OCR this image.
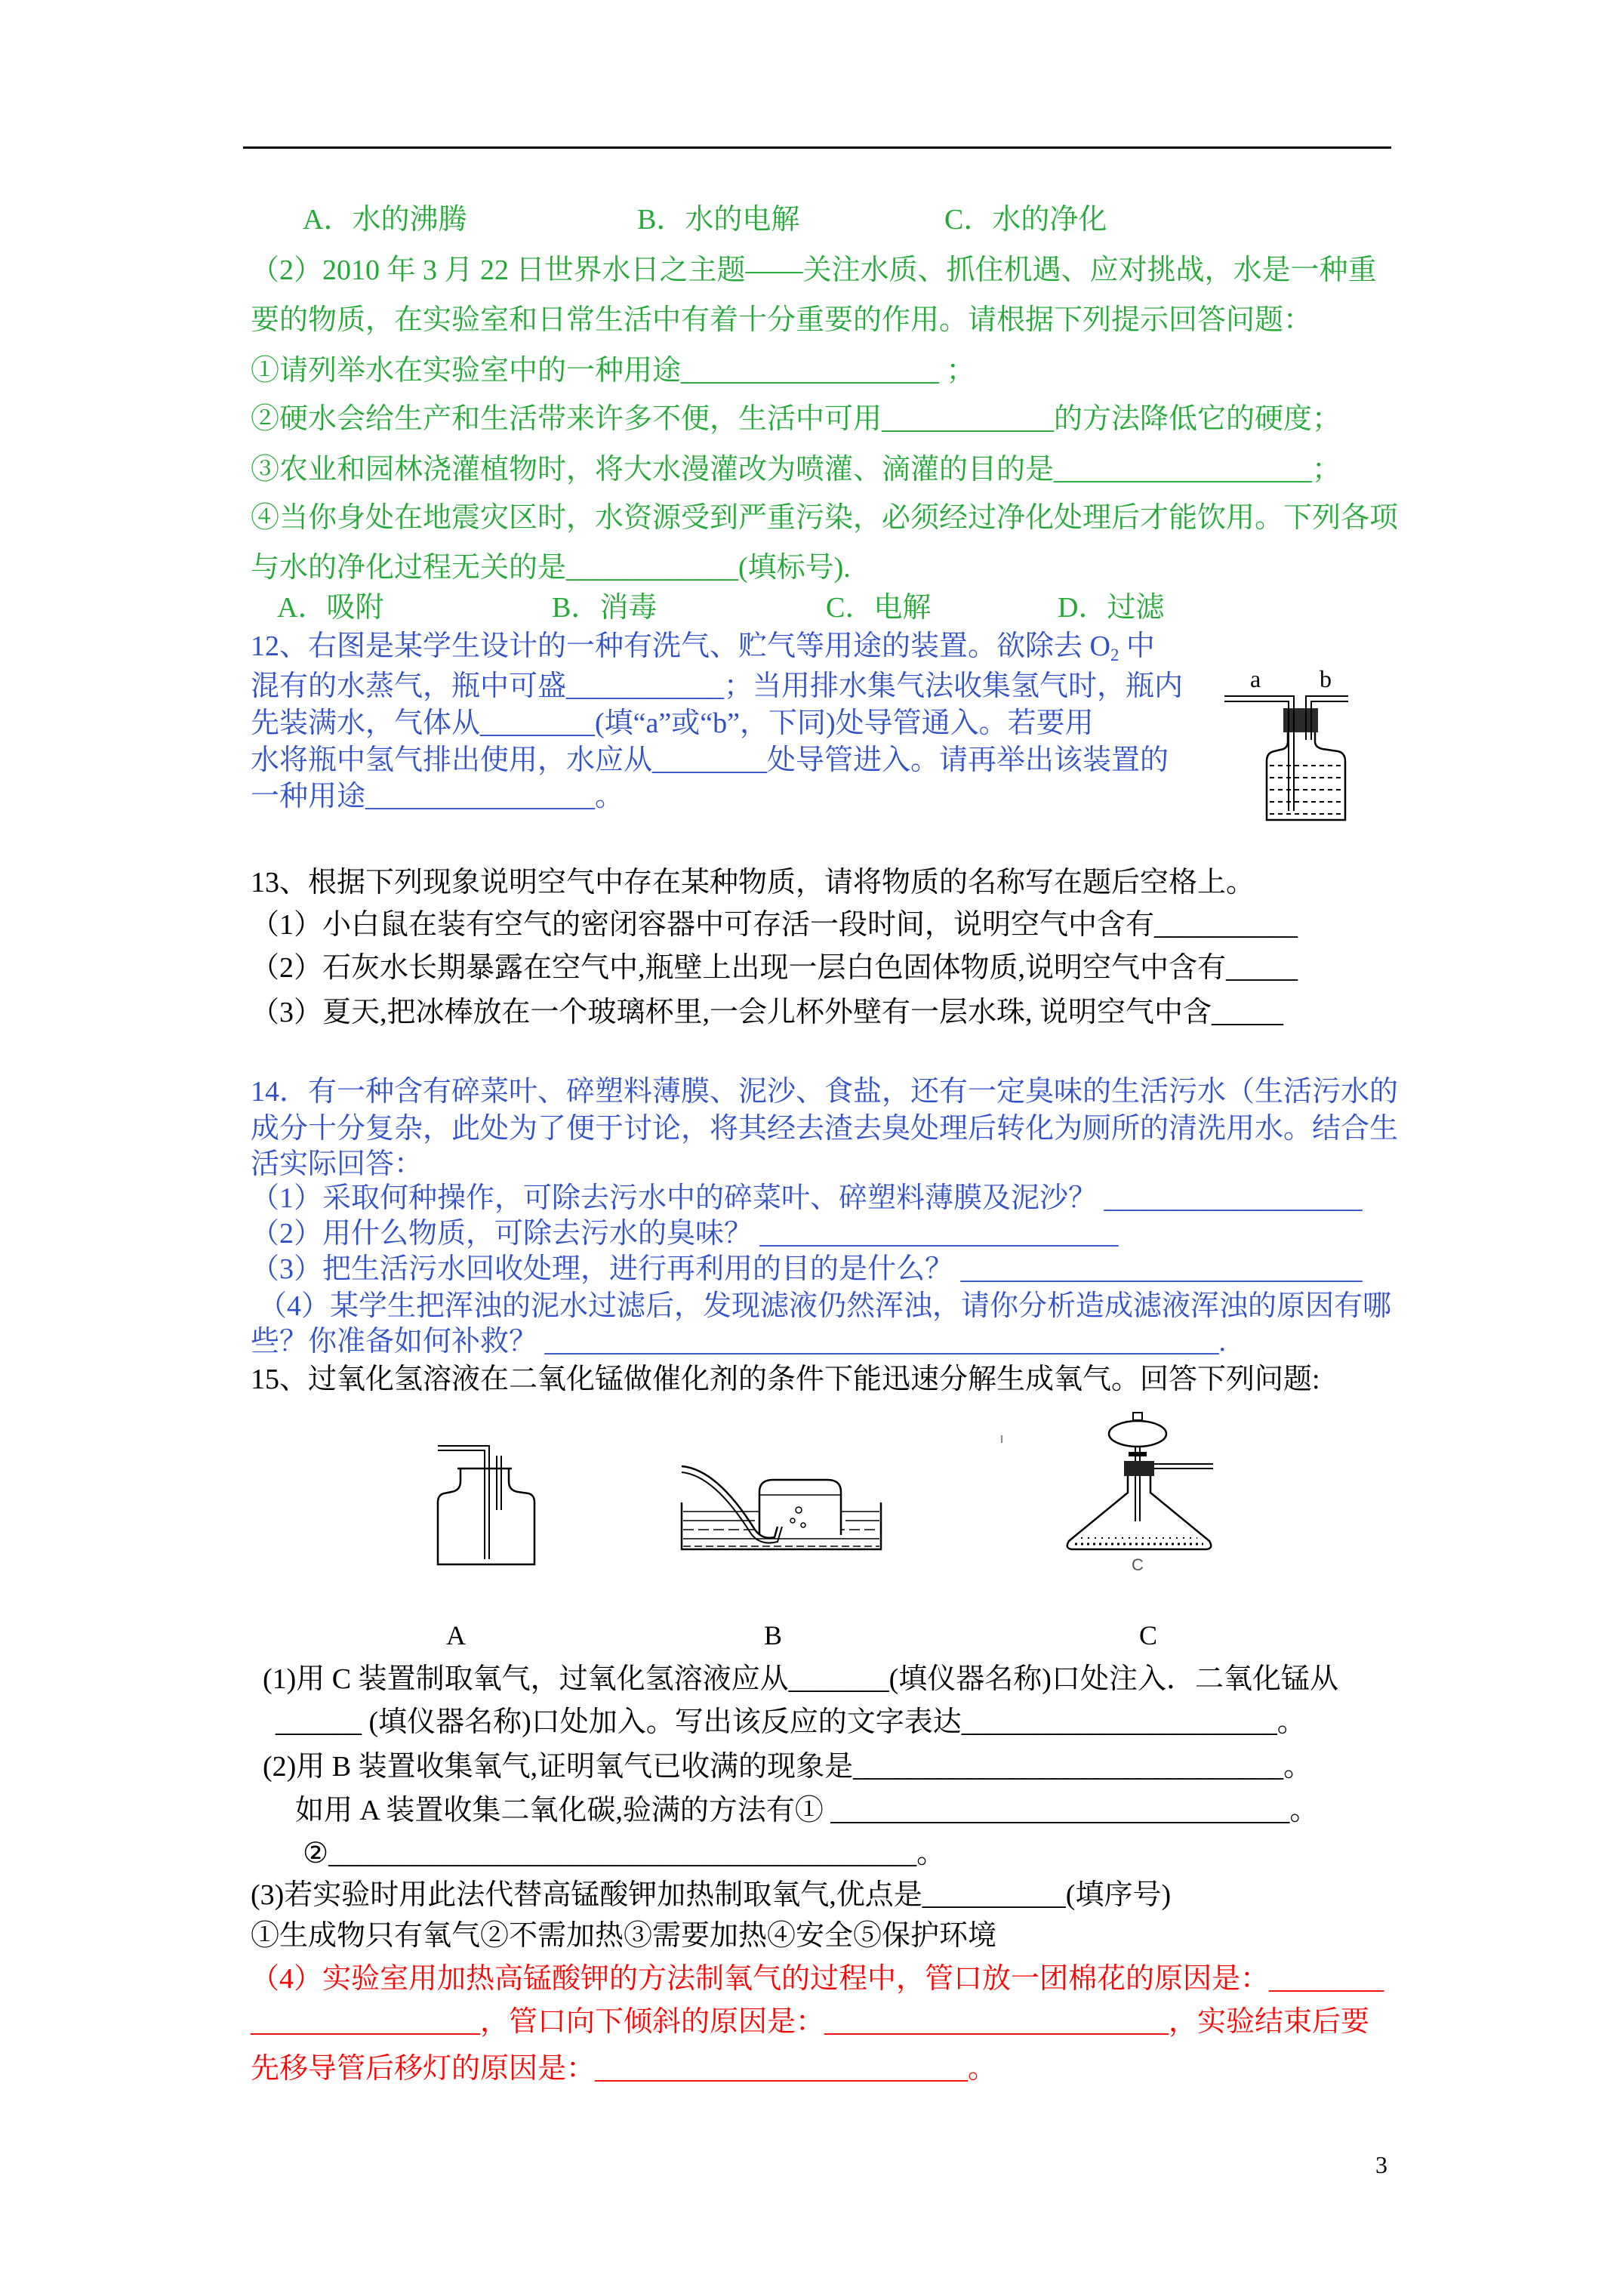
A．水的沸腾	B．水的电解	C．水的净化
（2）2010 年 3 月 22 日世界水日之主题——关注水质、抓住机遇、应对挑战，水是一种重
要的物质，在实验室和日常生活中有着十分重要的作用。请根据下列提示回答问题：
①请列举水在实验室中的一种用途__________________ ；
②硬水会给生产和生活带来许多不便，生活中可用____________的方法降低它的硬度；
③农业和园林浇灌植物时，将大水漫灌改为喷灌、滴灌的目的是__________________；
④当你身处在地震灾区时，水资源受到严重污染，必须经过净化处理后才能饮用。下列各项
与水的净化过程无关的是____________(填标号).
A．吸附	B．消毒	C．电解	D．过滤
12、右图是某学生设计的一种有洗气、贮气等用途的装置。欲除去 $O_2$ 中
混有的水蒸气，瓶中可盛___________；当用排水集气法收集氢气时，瓶内
先装满水，气体从________(填“a”或“b”，下同)处导管通入。若要用
水将瓶中氢气排出使用，水应从________处导管进入。请再举出该装置的
一种用途________________。
a b
13、根据下列现象说明空气中存在某种物质，请将物质的名称写在题后空格上。
（1）小白鼠在装有空气的密闭容器中可存活一段时间，说明空气中含有__________
（2）石灰水长期暴露在空气中,瓶壁上出现一层白色固体物质,说明空气中含有_____
（3）夏天,把冰棒放在一个玻璃杯里,一会儿杯外壁有一层水珠, 说明空气中含_____
14．有一种含有碎菜叶、碎塑料薄膜、泥沙、食盐，还有一定臭味的生活污水（生活污水的
成分十分复杂，此处为了便于讨论，将其经去渣去臭处理后转化为厕所的清洗用水。结合生
活实际回答：
（1）采取何种操作，可除去污水中的碎菜叶、碎塑料薄膜及泥沙？ __________________
（2）用什么物质，可除去污水的臭味？ _________________________
（3）把生活污水回收处理，进行再利用的目的是什么？ ____________________________
（4）某学生把浑浊的泥水过滤后，发现滤液仍然浑浊，请你分析造成滤液浑浊的原因有哪
些？你准备如何补救？ _______________________________________________.
15、过氧化氢溶液在二氧化锰做催化剂的条件下能迅速分解生成氧气。回答下列问题:
C
A	B	C
(1)用 C 装置制取氧气，过氧化氢溶液应从_______(填仪器名称)口处注入．二氧化锰从
______ (填仪器名称)口处加入。写出该反应的文字表达______________________。
(2)用 B 装置收集氧气,证明氧气已收满的现象是______________________________。
如用 A 装置收集二氧化碳,验满的方法有① ________________________________。
②_________________________________________。
(3)若实验时用此法代替高锰酸钾加热制取氧气,优点是__________(填序号)
①生成物只有氧气②不需加热③需要加热④安全⑤保护环境
（4）实验室用加热高锰酸钾的方法制氧气的过程中，管口放一团棉花的原因是：________
________________，管口向下倾斜的原因是：________________________，实验结束后要
先移导管后移灯的原因是：__________________________。
3
